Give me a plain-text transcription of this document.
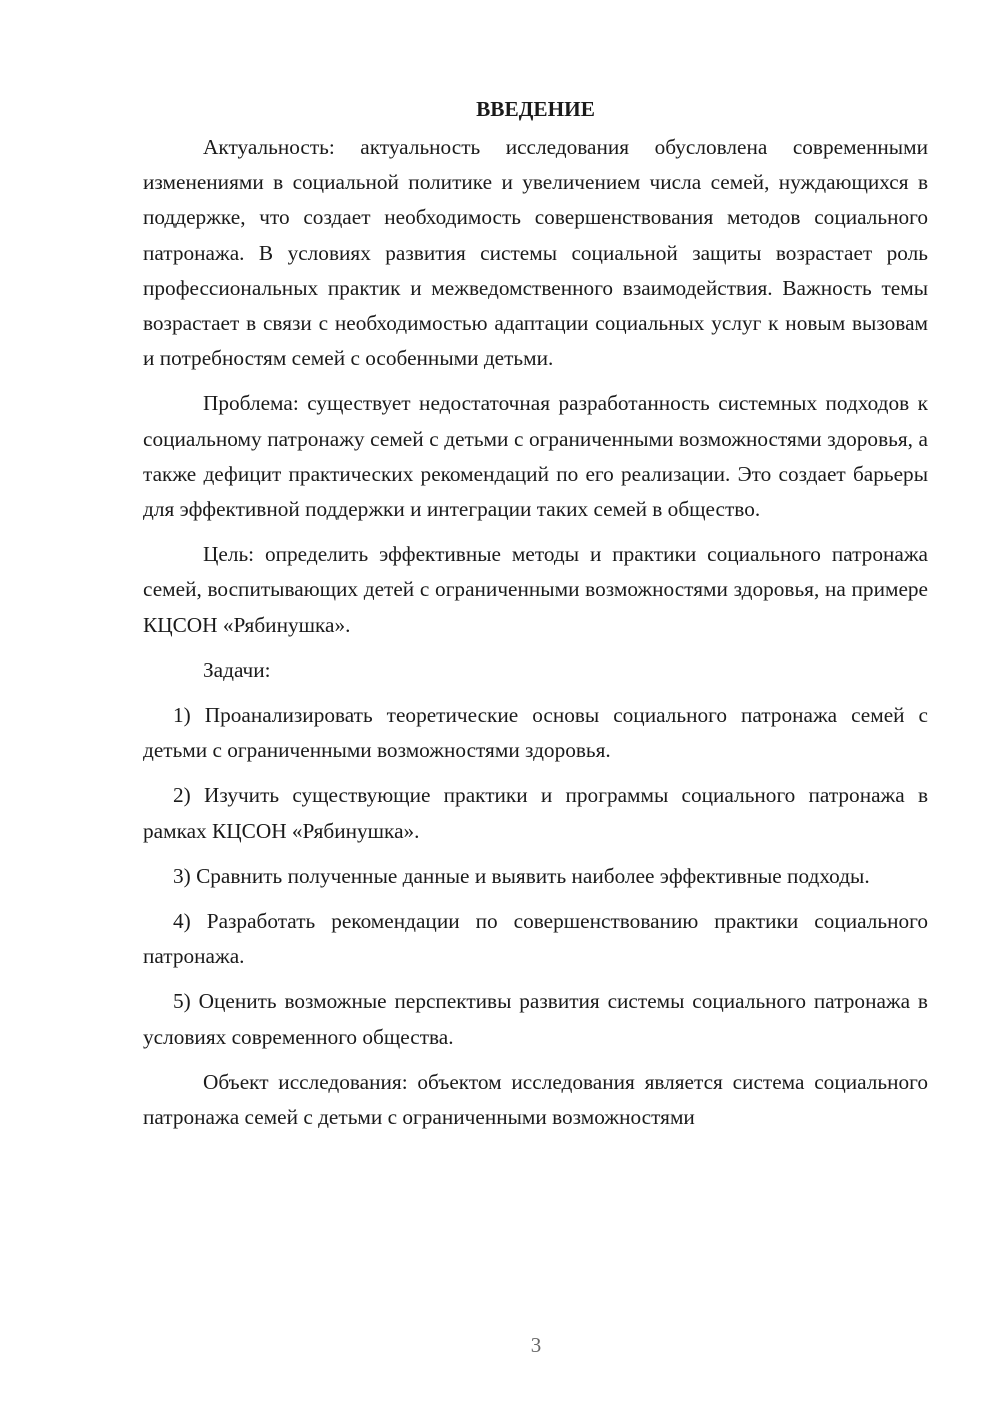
ВВЕДЕНИЕ

Актуальность: актуальность исследования обусловлена современными изменениями в социальной политике и увеличением числа семей, нуждающихся в поддержке, что создает необходимость совершенствования методов социального патронажа. В условиях развития системы социальной защиты возрастает роль профессиональных практик и межведомственного взаимодействия. Важность темы возрастает в связи с необходимостью адаптации социальных услуг к новым вызовам и потребностям семей с особенными детьми.

Проблема: существует недостаточная разработанность системных подходов к социальному патронажу семей с детьми с ограниченными возможностями здоровья, а также дефицит практических рекомендаций по его реализации. Это создает барьеры для эффективной поддержки и интеграции таких семей в общество.

Цель: определить эффективные методы и практики социального патронажа семей, воспитывающих детей с ограниченными возможностями здоровья, на примере КЦСОН «Рябинушка».

Задачи:

1) Проанализировать теоретические основы социального патронажа семей с детьми с ограниченными возможностями здоровья.

2) Изучить существующие практики и программы социального патронажа в рамках КЦСОН «Рябинушка».

3) Сравнить полученные данные и выявить наиболее эффективные подходы.

4) Разработать рекомендации по совершенствованию практики социального патронажа.

5) Оценить возможные перспективы развития системы социального патронажа в условиях современного общества.

Объект исследования: объектом исследования является система социального патронажа семей с детьми с ограниченными возможностями

3
